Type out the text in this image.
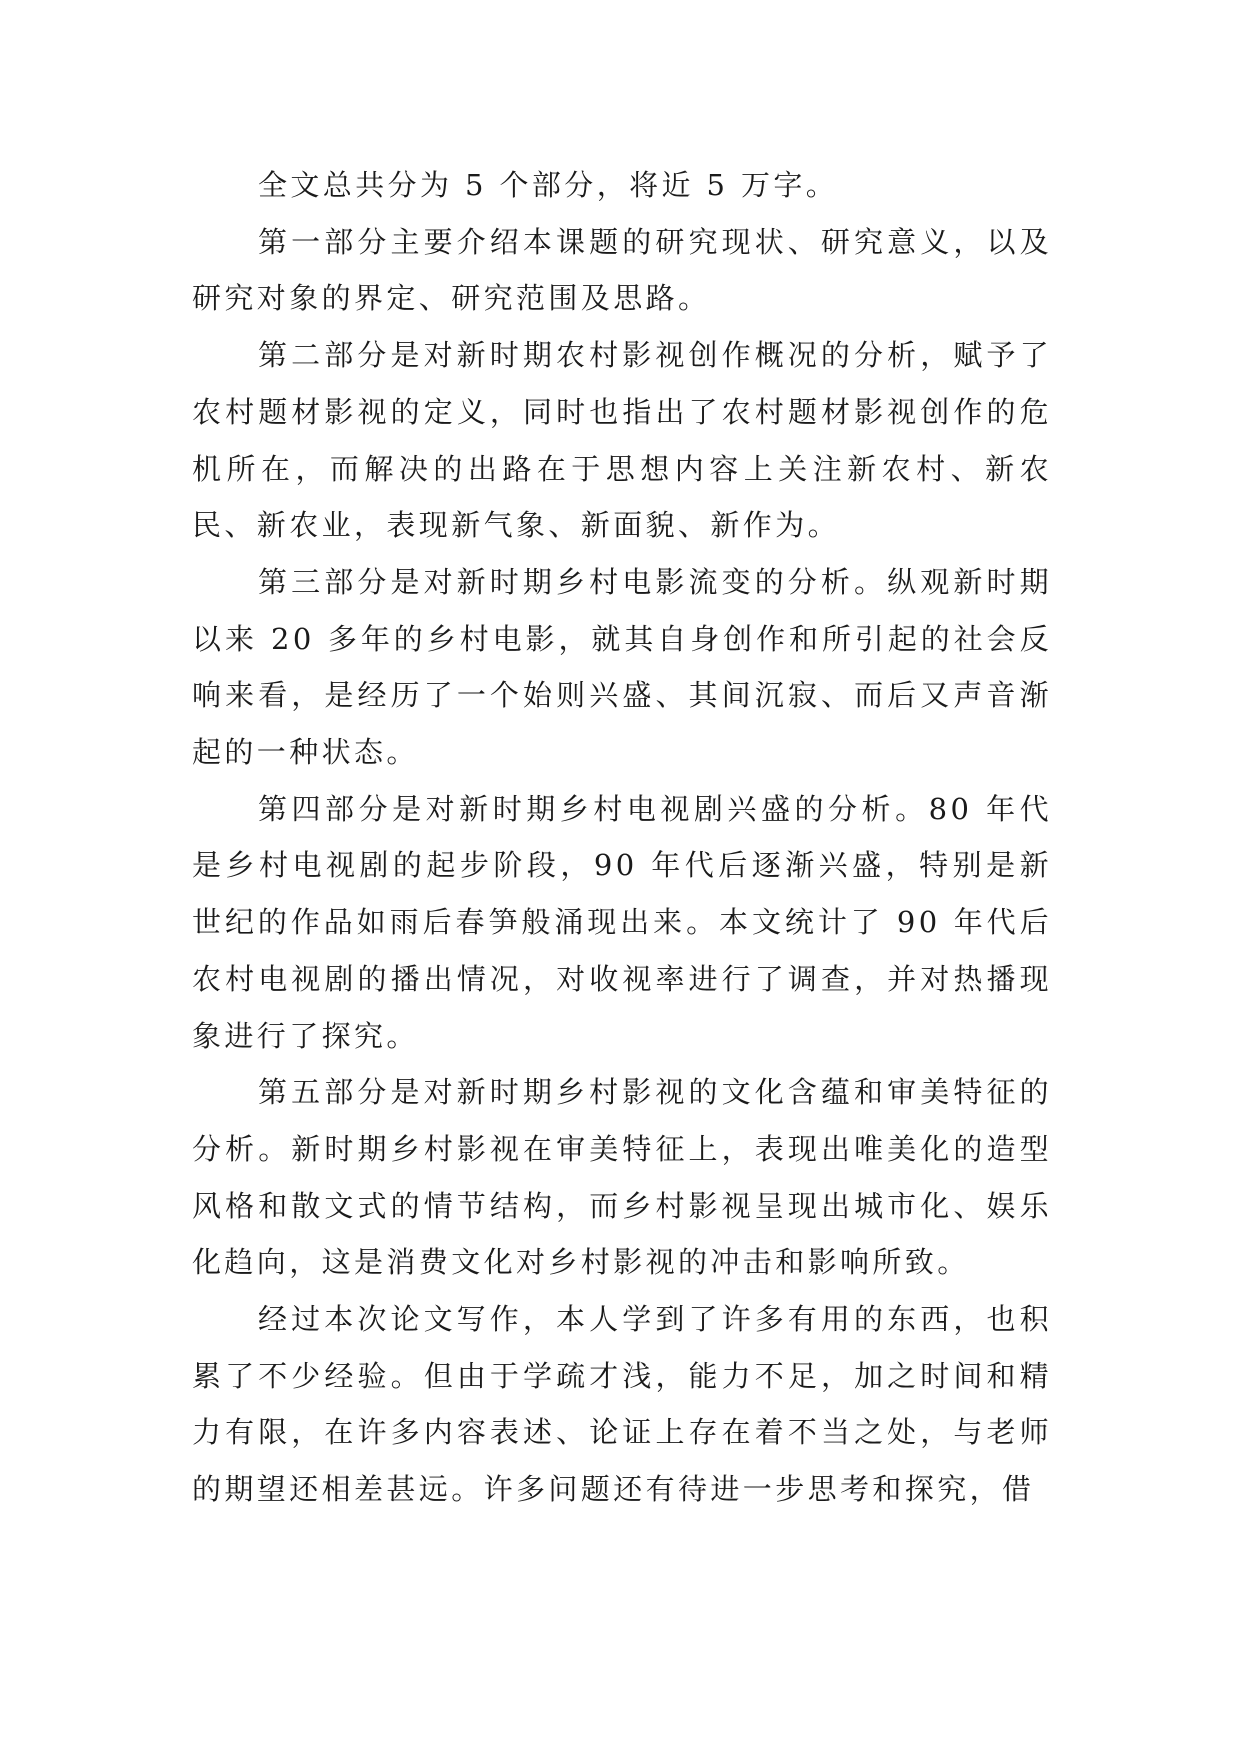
全文总共分为 5 个部分，将近 5 万字。

第一部分主要介绍本课题的研究现状、研究意义，以及研究对象的界定、研究范围及思路。

第二部分是对新时期农村影视创作概况的分析，赋予了农村题材影视的定义，同时也指出了农村题材影视创作的危机所在，而解决的出路在于思想内容上关注新农村、新农民、新农业，表现新气象、新面貌、新作为。

第三部分是对新时期乡村电影流变的分析。纵观新时期以来 20 多年的乡村电影，就其自身创作和所引起的社会反响来看，是经历了一个始则兴盛、其间沉寂、而后又声音渐起的一种状态。

第四部分是对新时期乡村电视剧兴盛的分析。80 年代是乡村电视剧的起步阶段，90 年代后逐渐兴盛，特别是新世纪的作品如雨后春笋般涌现出来。本文统计了 90 年代后农村电视剧的播出情况，对收视率进行了调查，并对热播现象进行了探究。

第五部分是对新时期乡村影视的文化含蕴和审美特征的分析。新时期乡村影视在审美特征上，表现出唯美化的造型风格和散文式的情节结构，而乡村影视呈现出城市化、娱乐化趋向，这是消费文化对乡村影视的冲击和影响所致。

经过本次论文写作，本人学到了许多有用的东西，也积累了不少经验。但由于学疏才浅，能力不足，加之时间和精力有限，在许多内容表述、论证上存在着不当之处，与老师的期望还相差甚远。许多问题还有待进一步思考和探究，借
